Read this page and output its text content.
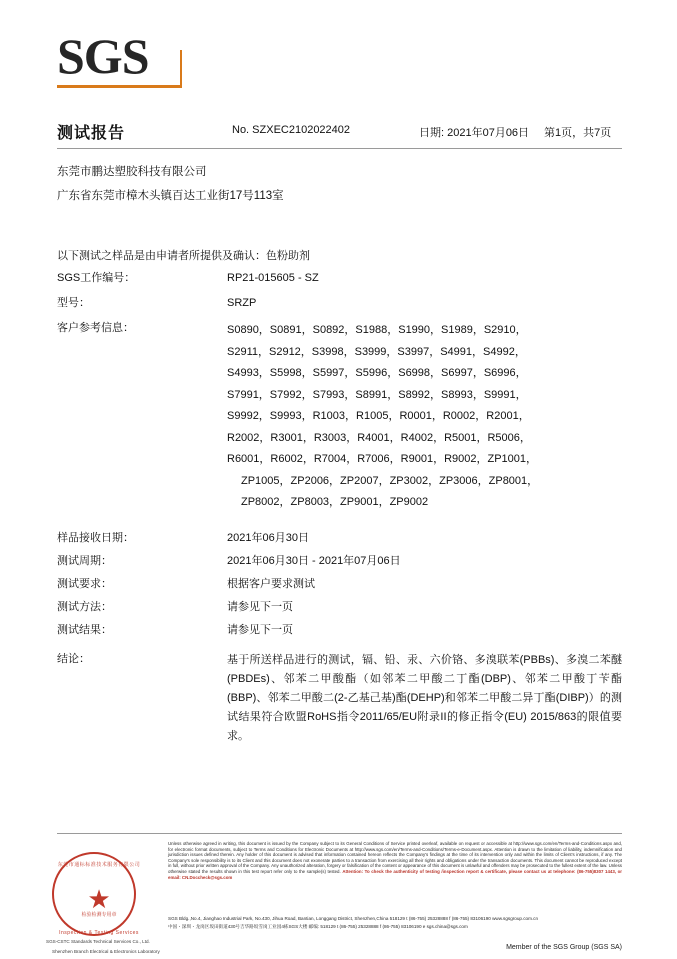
SGS
测试报告	No. SZXEC2102022402	日期: 2021年07月06日 第1页，共7页
东莞市鹏达塑胶科技有限公司
广东省东莞市樟木头镇百达工业街17号113室
以下测试之样品是由申请者所提供及确认：色粉助剂
SGS工作编号：	RP21-015605 - SZ
型号：	SRZP
客户参考信息：	S0890，S0891，S0892，S1988，S1990，S1989，S2910，
S2911，S2912，S3998，S3999，S3997，S4991，S4992，
S4993，S5998，S5997，S5996，S6998，S6997，S6996，
S7991，S7992，S7993，S8991，S8992，S8993，S9991，
S9992，S9993，R1003，R1005，R0001，R0002，R2001，
R2002，R3001，R3003，R4001，R4002，R5001，R5006，
R6001，R6002，R7004，R7006，R9001，R9002，ZP1001，
ZP1005，ZP2006，ZP2007，ZP3002，ZP3006，ZP8001，
ZP8002，ZP8003，ZP9001，ZP9002
样品接收日期：	2021年06月30日
测试周期：	2021年06月30日 - 2021年07月06日
测试要求：	根据客户要求测试
测试方法：	请参见下一页
测试结果：	请参见下一页
结论：	基于所送样品进行的测试，镉、铅、汞、六价铬、多溴联苯(PBBs)、多溴二苯醚(PBDEs)、邻苯二甲酸酯（如邻苯二甲酸二丁酯(DBP)、邻苯二甲酸丁苄酯(BBP)、邻苯二甲酸二(2-乙基己基)酯(DEHP)和邻苯二甲酸二异丁酯(DIBP)）的测试结果符合欧盟RoHS指令2011/65/EU附录II的修正指令(EU) 2015/863的限值要求。
东莞市通标标准技术服务有限公司
★
检验检测专用章
Inspection & Testing Services
SGS-CSTC Standards Technical Services Co., Ltd.
Shenzhen Branch Electrical & Electronics Laboratory
Unless otherwise agreed in writing, this document is issued by the Company subject to its General Conditions of Service printed overleaf, available on request or accessible at http://www.sgs.com/en/Terms-and-Conditions.aspx and, for electronic format documents, subject to Terms and Conditions for Electronic Documents at http://www.sgs.com/en/Terms-and-Conditions/Terms-e-Document.aspx. Attention is drawn to the limitation of liability, indemnification and jurisdiction issues defined therein. Any holder of this document is advised that information contained hereon reflects the Company's findings at the time of its intervention only and within the limits of Client's instructions, if any. The Company's sole responsibility is to its Client and this document does not exonerate parties to a transaction from exercising all their rights and obligations under the transaction documents. This document cannot be reproduced except in full, without prior written approval of the Company. Any unauthorized alteration, forgery or falsification of the content or appearance of this document is unlawful and offenders may be prosecuted to the fullest extent of the law. Unless otherwise stated the results shown in this test report refer only to the sample(s) tested. Attention: To check the authenticity of testing /inspection report & certificate, please contact us at telephone: (86-755)8307 1443, or email: CN.Doccheck@sgs.com
SGS Bldg.,No.4, Jianghao Industrial Park, No.430, Jihua Road, Bantian, Longgang District, Shenzhen,China 518129 t (86-755) 25328888 f (86-755) 83106190 www.sgsgroup.com.cn
中国・深圳・龙岗区坂田街道430号吉华路坂雪岗工业园4栋SGS大楼 邮编: 518129 t (86-755) 25328888 f (86-755) 83106190 e sgs.china@sgs.com
Member of the SGS Group (SGS SA)
